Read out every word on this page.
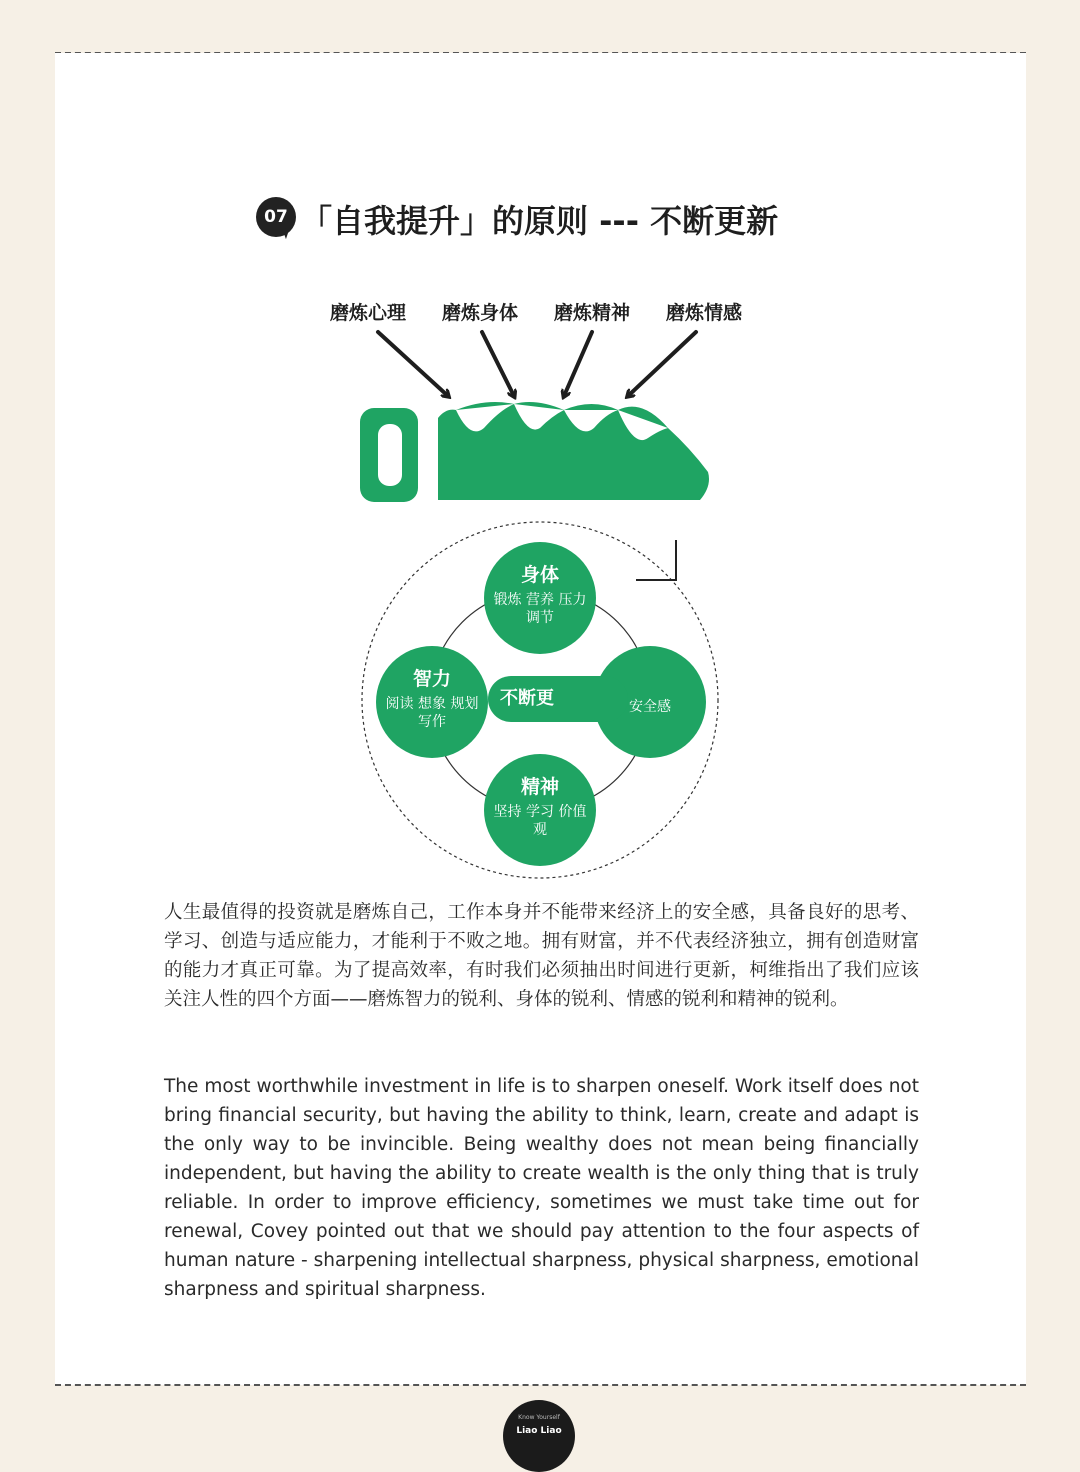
07 「自我提升」的原则 --- 不断更新
磨炼心理 磨炼身体 磨炼精神 磨炼情感
身体
锻炼 营养 压力调节
智力
阅读 想象 规划 写作
精神
坚持 学习 价值观
安全感
不断更
人生最值得的投资就是磨炼自己，工作本身并不能带来经济上的安全感，具备良好的思考、学习、创造与适应能力，才能利于不败之地。拥有财富，并不代表经济独立，拥有创造财富的能力才真正可靠。为了提高效率，有时我们必须抽出时间进行更新，柯维指出了我们应该关注人性的四个方面——磨炼智力的锐利、身体的锐利、情感的锐利和精神的锐利。
The most worthwhile investment in life is to sharpen oneself. Work itself does not bring financial security, but having the ability to think, learn, create and adapt is the only way to be invincible. Being wealthy does not mean being financially independent, but having the ability to create wealth is the only thing that is truly reliable. In order to improve efficiency, sometimes we must take time out for renewal, Covey pointed out that we should pay attention to the four aspects of human nature - sharpening intellectual sharpness, physical sharpness, emotional sharpness and spiritual sharpness.
Know Yourself
Liao Liao
